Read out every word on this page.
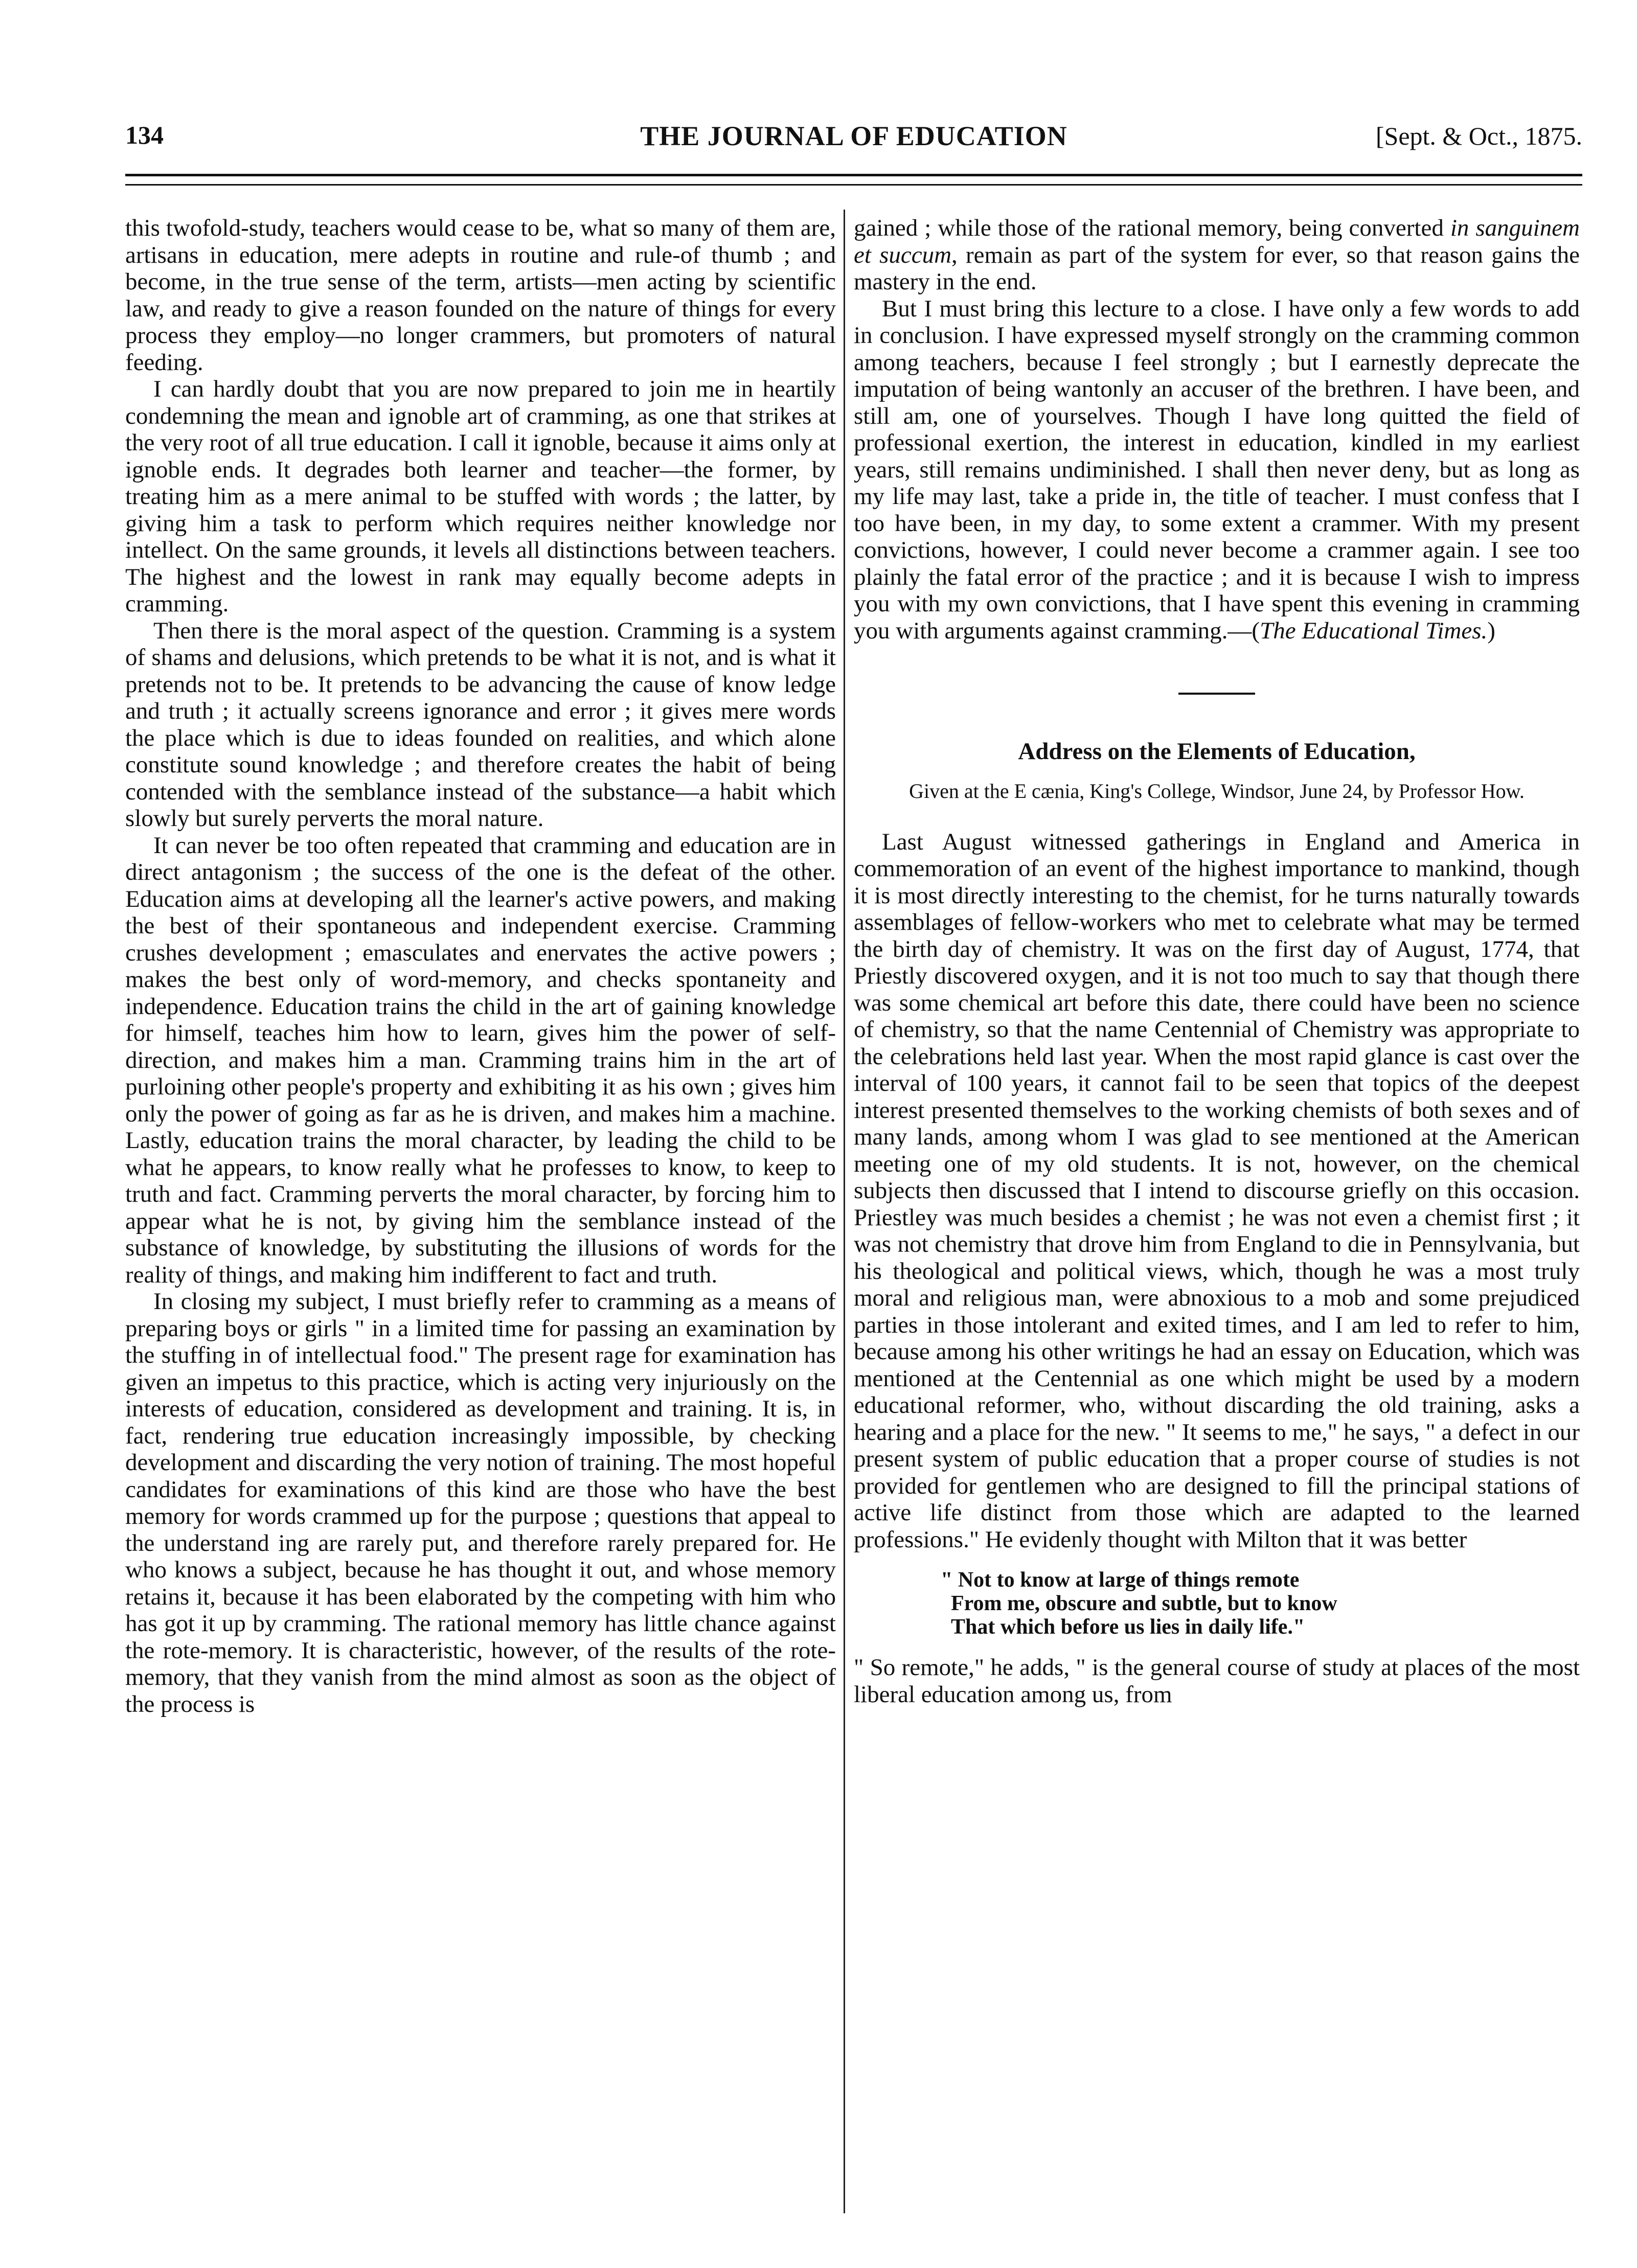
134	THE JOURNAL OF EDUCATION	[Sept. & Oct., 1875.

this twofold-study, teachers would cease to be, what so many of them are, artisans in education, mere adepts in routine and rule-of thumb ; and become, in the true sense of the term, artists—men acting by scientific law, and ready to give a reason founded on the nature of things for every process they employ—no longer crammers, but promoters of natural feeding.

I can hardly doubt that you are now prepared to join me in heartily condemning the mean and ignoble art of cramming, as one that strikes at the very root of all true education. I call it ignoble, because it aims only at ignoble ends. It degrades both learner and teacher—the former, by treating him as a mere animal to be stuffed with words ; the latter, by giving him a task to perform which requires neither knowledge nor intellect. On the same grounds, it levels all distinctions between teachers. The highest and the lowest in rank may equally become adepts in cramming.

Then there is the moral aspect of the question. Cramming is a system of shams and delusions, which pretends to be what it is not, and is what it pretends not to be. It pretends to be advancing the cause of know ledge and truth ; it actually screens ignorance and error ; it gives mere words the place which is due to ideas founded on realities, and which alone constitute sound knowledge ; and therefore creates the habit of being contended with the semblance instead of the substance—a habit which slowly but surely perverts the moral nature.

It can never be too often repeated that cramming and education are in direct antagonism ; the success of the one is the defeat of the other. Education aims at developing all the learner's active powers, and making the best of their spontaneous and independent exercise. Cramming crushes development ; emasculates and enervates the active powers ; makes the best only of word-memory, and checks spontaneity and independence. Education trains the child in the art of gaining knowledge for himself, teaches him how to learn, gives him the power of self-direction, and makes him a man. Cramming trains him in the art of purloining other people's property and exhibiting it as his own ; gives him only the power of going as far as he is driven, and makes him a machine. Lastly, education trains the moral character, by leading the child to be what he appears, to know really what he professes to know, to keep to truth and fact. Cramming perverts the moral character, by forcing him to appear what he is not, by giving him the semblance instead of the substance of knowledge, by substituting the illusions of words for the reality of things, and making him indifferent to fact and truth.

In closing my subject, I must briefly refer to cramming as a means of preparing boys or girls " in a limited time for passing an examination by the stuffing in of intellectual food." The present rage for examination has given an impetus to this practice, which is acting very injuriously on the interests of education, considered as development and training. It is, in fact, rendering true education increasingly impossible, by checking development and discarding the very notion of training. The most hopeful candidates for examinations of this kind are those who have the best memory for words crammed up for the purpose ; questions that appeal to the understand ing are rarely put, and therefore rarely prepared for. He who knows a subject, because he has thought it out, and whose memory retains it, because it has been elaborated by the competing with him who has got it up by cramming. The rational memory has little chance against the rote-memory. It is characteristic, however, of the results of the rote-memory, that they vanish from the mind almost as soon as the object of the process is

gained ; while those of the rational memory, being converted in sanguinem et succum, remain as part of the system for ever, so that reason gains the mastery in the end.

But I must bring this lecture to a close. I have only a few words to add in conclusion. I have expressed myself strongly on the cramming common among teachers, because I feel strongly ; but I earnestly deprecate the imputation of being wantonly an accuser of the brethren. I have been, and still am, one of yourselves. Though I have long quitted the field of professional exertion, the interest in education, kindled in my earliest years, still remains undiminished. I shall then never deny, but as long as my life may last, take a pride in, the title of teacher. I must confess that I too have been, in my day, to some extent a crammer. With my present convictions, however, I could never become a crammer again. I see too plainly the fatal error of the practice ; and it is because I wish to impress you with my own convictions, that I have spent this evening in cramming you with arguments against cramming.—(The Educational Times.)

Address on the Elements of Education,
Given at the E cænia, King's College, Windsor, June 24, by Professor How.

Last August witnessed gatherings in England and America in commemoration of an event of the highest importance to mankind, though it is most directly interesting to the chemist, for he turns naturally towards assemblages of fellow-workers who met to celebrate what may be termed the birth day of chemistry. It was on the first day of August, 1774, that Priestly discovered oxygen, and it is not too much to say that though there was some chemical art before this date, there could have been no science of chemistry, so that the name Centennial of Chemistry was appropriate to the celebrations held last year. When the most rapid glance is cast over the interval of 100 years, it cannot fail to be seen that topics of the deepest interest presented themselves to the working chemists of both sexes and of many lands, among whom I was glad to see mentioned at the American meeting one of my old students. It is not, however, on the chemical subjects then discussed that I intend to discourse griefly on this occasion. Priestley was much besides a chemist ; he was not even a chemist first ; it was not chemistry that drove him from England to die in Pennsylvania, but his theological and political views, which, though he was a most truly moral and religious man, were abnoxious to a mob and some prejudiced parties in those intolerant and exited times, and I am led to refer to him, because among his other writings he had an essay on Education, which was mentioned at the Centennial as one which might be used by a modern educational reformer, who, without discarding the old training, asks a hearing and a place for the new. " It seems to me," he says, " a defect in our present system of public education that a proper course of studies is not provided for gentlemen who are designed to fill the principal stations of active life distinct from those which are adapted to the learned professions." He evidenly thought with Milton that it was better

" Not to know at large of things remote
From me, obscure and subtle, but to know
That which before us lies in daily life."

" So remote," he adds, " is the general course of study at places of the most liberal education among us, from
